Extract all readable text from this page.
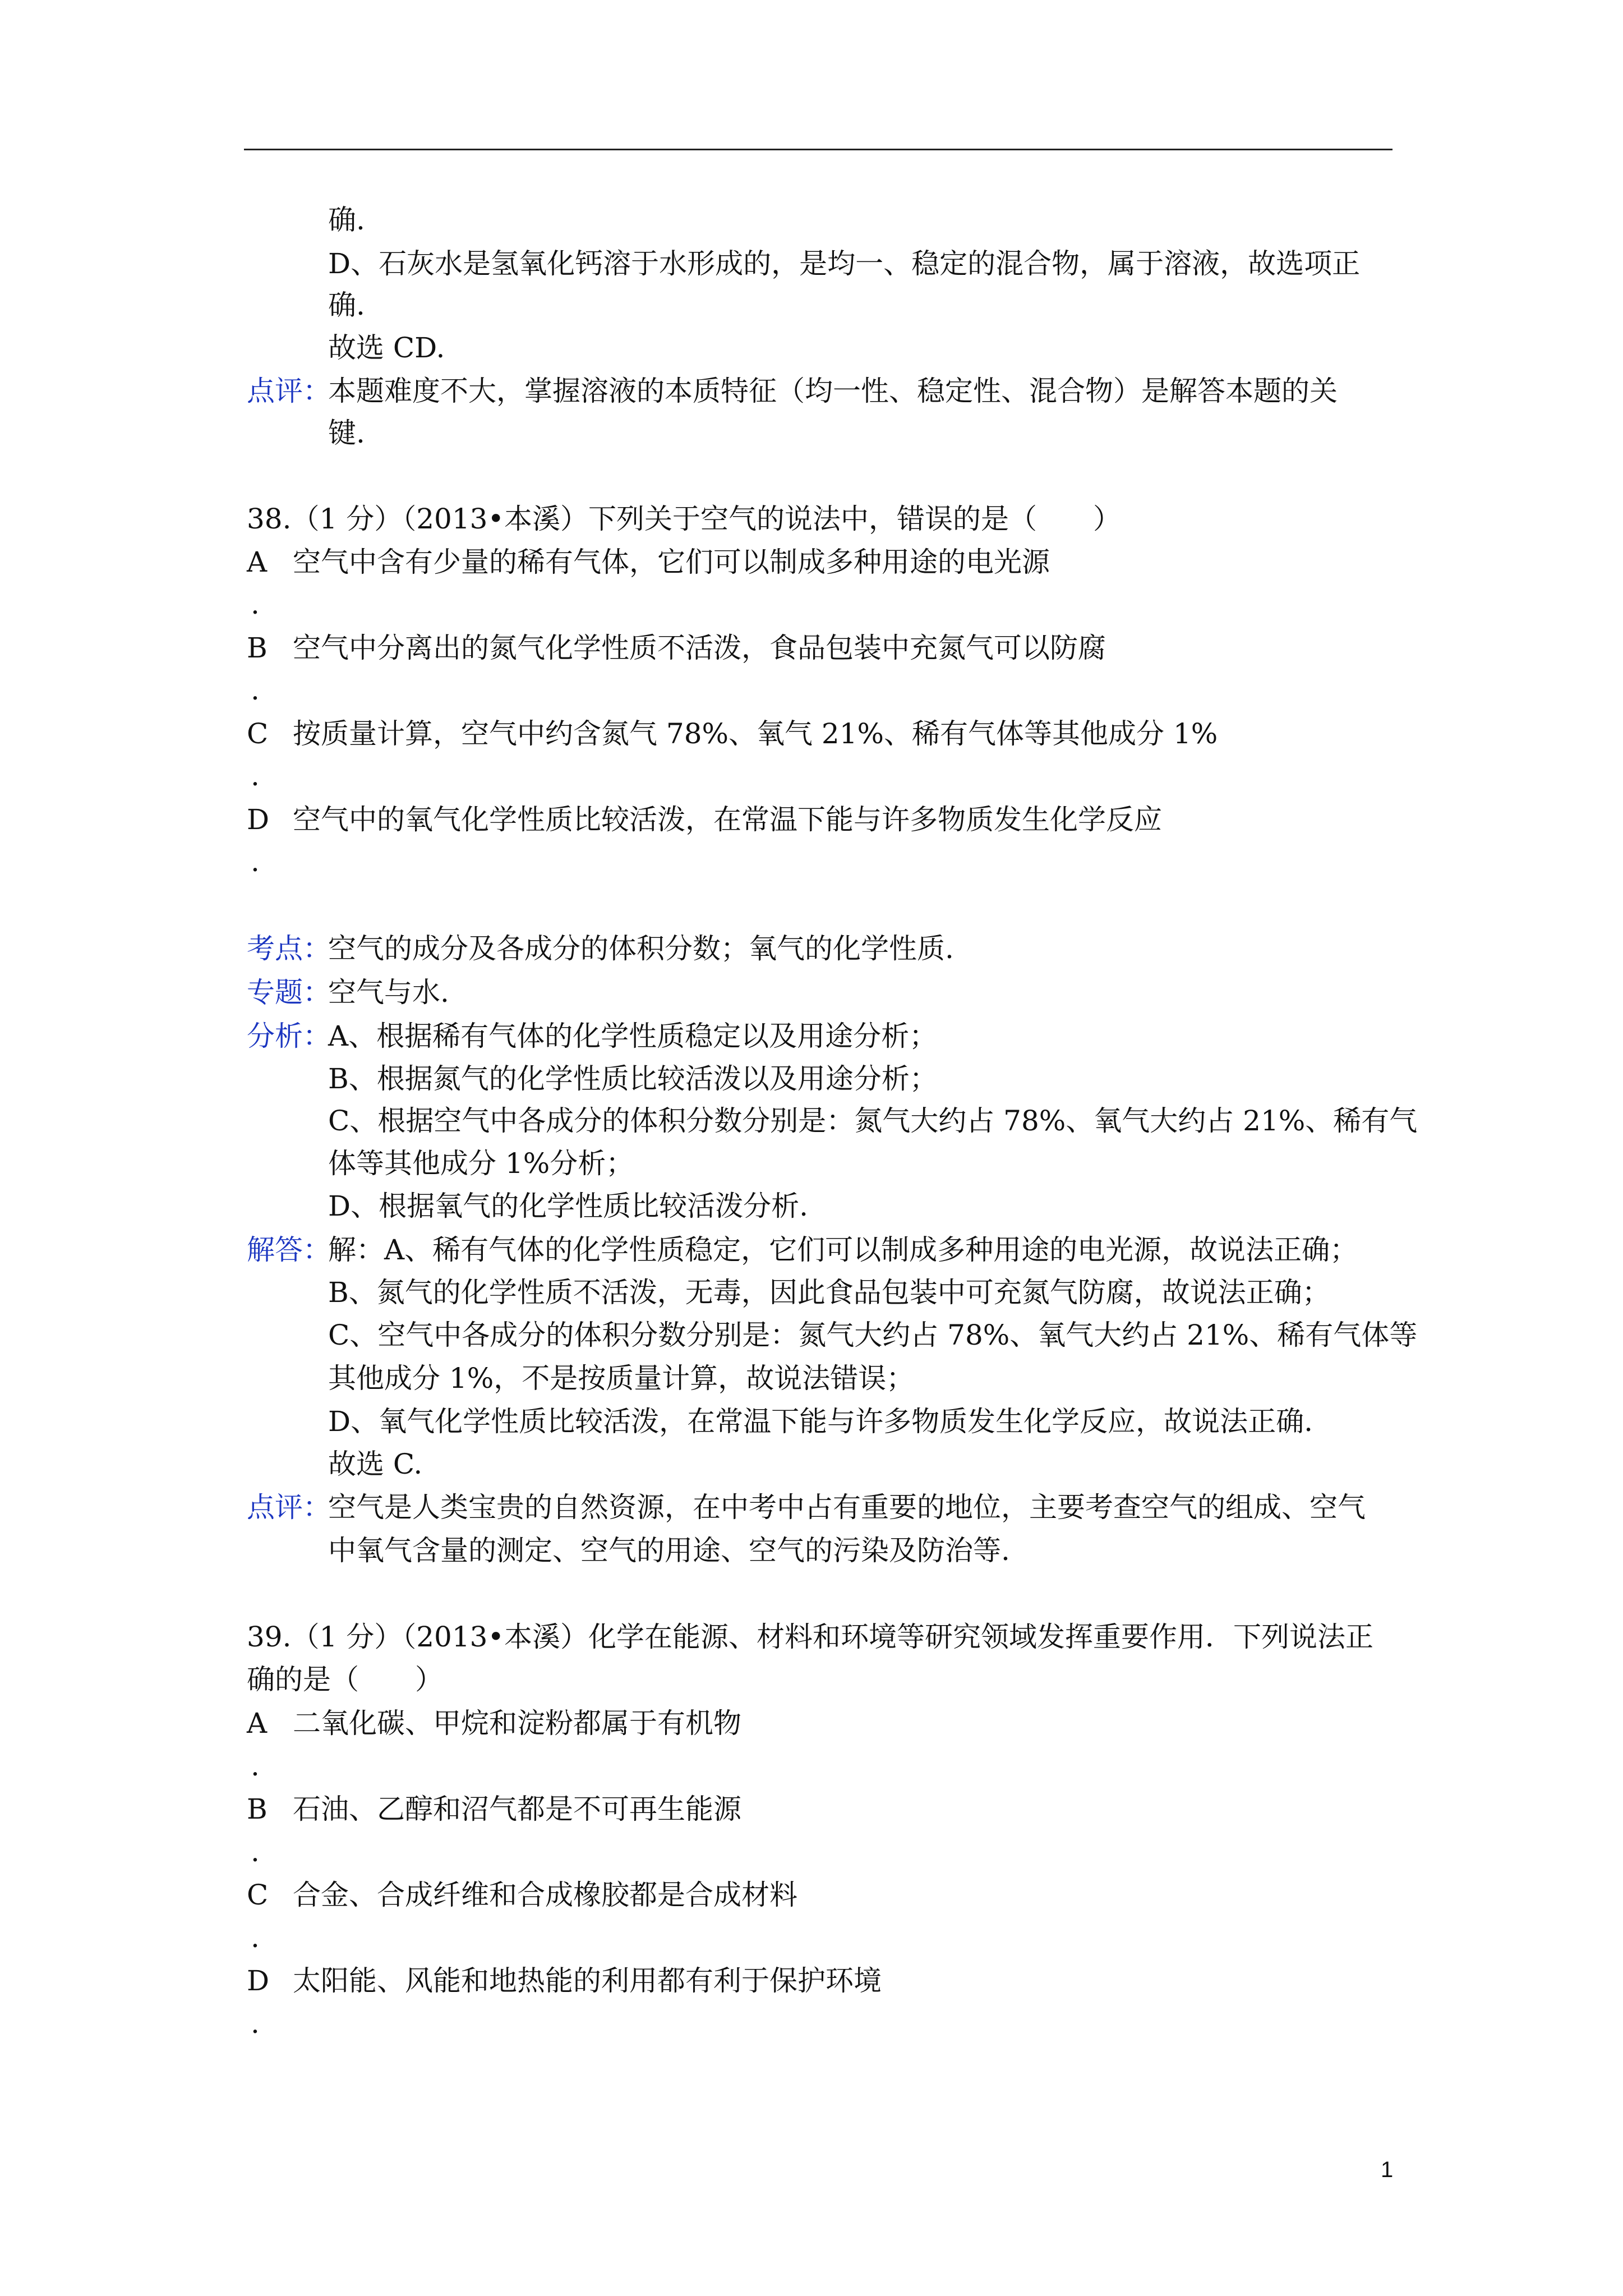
确.
D、石灰水是氢氧化钙溶于水形成的，是均一、稳定的混合物，属于溶液，故选项正
确.
故选 CD.
点评：
本题难度不大，掌握溶液的本质特征（均一性、稳定性、混合物）是解答本题的关
键.
38.（1 分）（2013•本溪）下列关于空气的说法中，错误的是（　　）
A 空气中含有少量的稀有气体，它们可以制成多种用途的电光源
.
B 空气中分离出的氮气化学性质不活泼，食品包装中充氮气可以防腐
.
C 按质量计算，空气中约含氮气 78%、氧气 21%、稀有气体等其他成分 1%
.
D 空气中的氧气化学性质比较活泼，在常温下能与许多物质发生化学反应
.
考点：
空气的成分及各成分的体积分数；氧气的化学性质.
专题：
空气与水.
分析：
A、根据稀有气体的化学性质稳定以及用途分析；
B、根据氮气的化学性质比较活泼以及用途分析；
C、根据空气中各成分的体积分数分别是：氮气大约占 78%、氧气大约占 21%、稀有气
体等其他成分 1%分析；
D、根据氧气的化学性质比较活泼分析.
解答：
解：A、稀有气体的化学性质稳定，它们可以制成多种用途的电光源，故说法正确；
B、氮气的化学性质不活泼，无毒，因此食品包装中可充氮气防腐，故说法正确；
C、空气中各成分的体积分数分别是：氮气大约占 78%、氧气大约占 21%、稀有气体等
其他成分 1%，不是按质量计算，故说法错误；
D、氧气化学性质比较活泼，在常温下能与许多物质发生化学反应，故说法正确.
故选 C.
点评：
空气是人类宝贵的自然资源，在中考中占有重要的地位，主要考查空气的组成、空气
中氧气含量的测定、空气的用途、空气的污染及防治等.
39.（1 分）（2013•本溪）化学在能源、材料和环境等研究领域发挥重要作用．下列说法正
确的是（　　）
A 二氧化碳、甲烷和淀粉都属于有机物
.
B 石油、乙醇和沼气都是不可再生能源
.
C 合金、合成纤维和合成橡胶都是合成材料
.
D 太阳能、风能和地热能的利用都有利于保护环境
.
1
